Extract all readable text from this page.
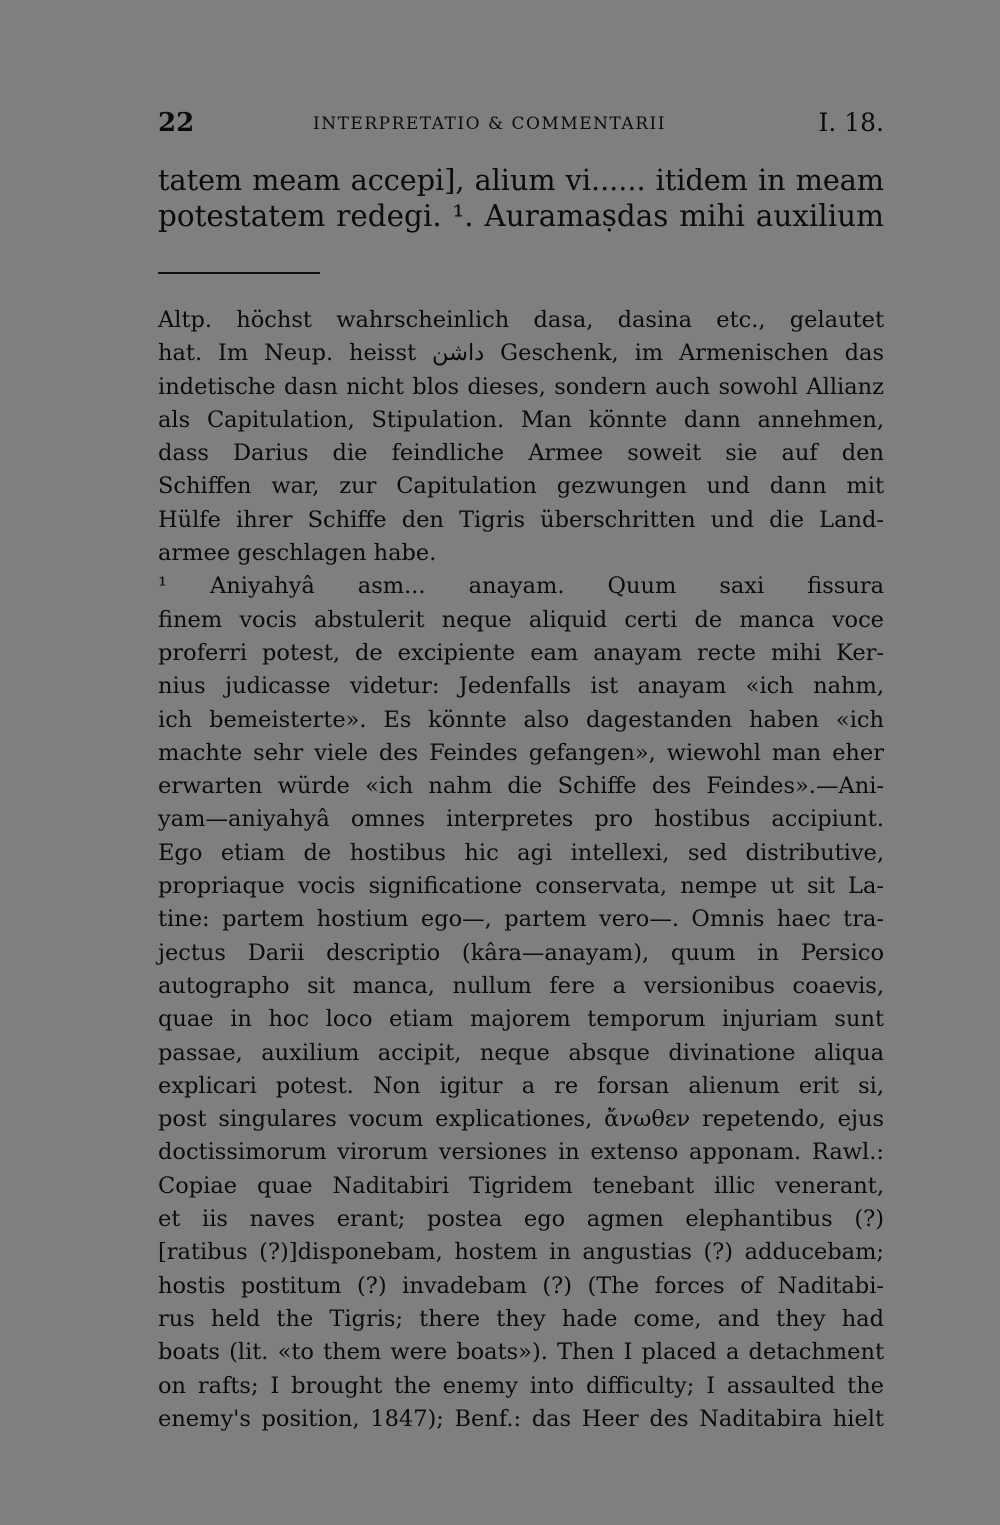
22	INTERPRETATIO & COMMENTARII	I. 18.
tatem meam accepi], alium vi...... itidem in meam
potestatem redegi. ¹. Auramaṣdas mihi auxilium
Altp. höchst wahrscheinlich dasa, dasina etc., gelautet
hat. Im Neup. heisst داشن Geschenk, im Armenischen das
indetische dasn nicht blos dieses, sondern auch sowohl Allianz
als Capitulation, Stipulation. Man könnte dann annehmen,
dass Darius die feindliche Armee soweit sie auf den
Schiffen war, zur Capitulation gezwungen und dann mit
Hülfe ihrer Schiffe den Tigris überschritten und die Land-
armee geschlagen habe.
¹ Aniyahyâ asm... anayam. Quum saxi fissura
finem vocis abstulerit neque aliquid certi de manca voce
proferri potest, de excipiente eam anayam recte mihi Ker-
nius judicasse videtur: Jedenfalls ist anayam «ich nahm,
ich bemeisterte». Es könnte also dagestanden haben «ich
machte sehr viele des Feindes gefangen», wiewohl man eher
erwarten würde «ich nahm die Schiffe des Feindes».—Ani-
yam—aniyahyâ omnes interpretes pro hostibus accipiunt.
Ego etiam de hostibus hic agi intellexi, sed distributive,
propriaque vocis significatione conservata, nempe ut sit La-
tine: partem hostium ego—, partem vero—. Omnis haec tra-
jectus Darii descriptio (kâra—anayam), quum in Persico
autographo sit manca, nullum fere a versionibus coaevis,
quae in hoc loco etiam majorem temporum injuriam sunt
passae, auxilium accipit, neque absque divinatione aliqua
explicari potest. Non igitur a re forsan alienum erit si,
post singulares vocum explicationes, ἄνωθεν repetendo, ejus
doctissimorum virorum versiones in extenso apponam. Rawl.:
Copiae quae Naditabiri Tigridem tenebant illic venerant,
et iis naves erant; postea ego agmen elephantibus (?)
[ratibus (?)]disponebam, hostem in angustias (?) adducebam;
hostis postitum (?) invadebam (?) (The forces of Naditabi-
rus held the Tigris; there they hade come, and they had
boats (lit. «to them were boats»). Then I placed a detachment
on rafts; I brought the enemy into difficulty; I assaulted the
enemy's position, 1847); Benf.: das Heer des Naditabira hielt
